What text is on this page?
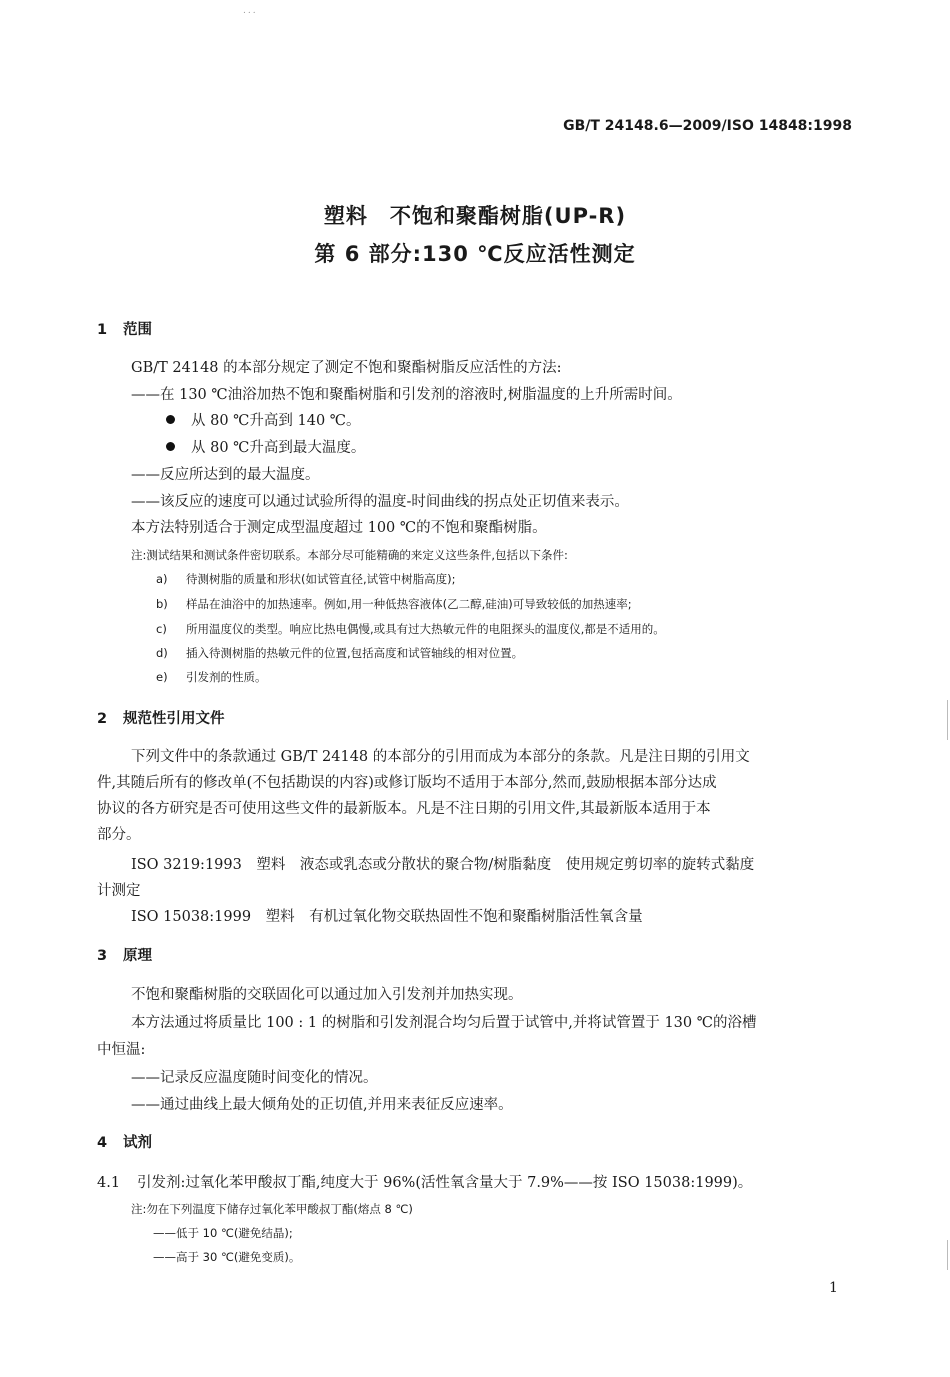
...
GB/T 24148.6—2009/ISO 14848:1998
塑料　不饱和聚酯树脂(UP-R)
第 6 部分:130 ℃反应活性测定
1 范围
GB/T 24148 的本部分规定了测定不饱和聚酯树脂反应活性的方法:
——在 130 ℃油浴加热不饱和聚酯树脂和引发剂的溶液时,树脂温度的上升所需时间。
从 80 ℃升高到 140 ℃。
从 80 ℃升高到最大温度。
——反应所达到的最大温度。
——该反应的速度可以通过试验所得的温度-时间曲线的拐点处正切值来表示。
本方法特别适合于测定成型温度超过 100 ℃的不饱和聚酯树脂。
注:测试结果和测试条件密切联系。本部分尽可能精确的来定义这些条件,包括以下条件:
a) 待测树脂的质量和形状(如试管直径,试管中树脂高度);
b) 样品在油浴中的加热速率。例如,用一种低热容液体(乙二醇,硅油)可导致较低的加热速率;
c) 所用温度仪的类型。响应比热电偶慢,或具有过大热敏元件的电阻探头的温度仪,都是不适用的。
d) 插入待测树脂的热敏元件的位置,包括高度和试管轴线的相对位置。
e) 引发剂的性质。
2 规范性引用文件
下列文件中的条款通过 GB/T 24148 的本部分的引用而成为本部分的条款。凡是注日期的引用文
件,其随后所有的修改单(不包括勘误的内容)或修订版均不适用于本部分,然而,鼓励根据本部分达成
协议的各方研究是否可使用这些文件的最新版本。凡是不注日期的引用文件,其最新版本适用于本
部分。
ISO 3219:1993　塑料　液态或乳态或分散状的聚合物/树脂黏度　使用规定剪切率的旋转式黏度
计测定
ISO 15038:1999　塑料　有机过氧化物交联热固性不饱和聚酯树脂活性氧含量
3 原理
不饱和聚酯树脂的交联固化可以通过加入引发剂并加热实现。
本方法通过将质量比 100 : 1 的树脂和引发剂混合均匀后置于试管中,并将试管置于 130 ℃的浴槽
中恒温:
——记录反应温度随时间变化的情况。
——通过曲线上最大倾角处的正切值,并用来表征反应速率。
4 试剂
4.1 引发剂:过氧化苯甲酸叔丁酯,纯度大于 96%(活性氧含量大于 7.9%——按 ISO 15038:1999)。
注:勿在下列温度下储存过氧化苯甲酸叔丁酯(熔点 8 ℃)
——低于 10 ℃(避免结晶);
——高于 30 ℃(避免变质)。
1
